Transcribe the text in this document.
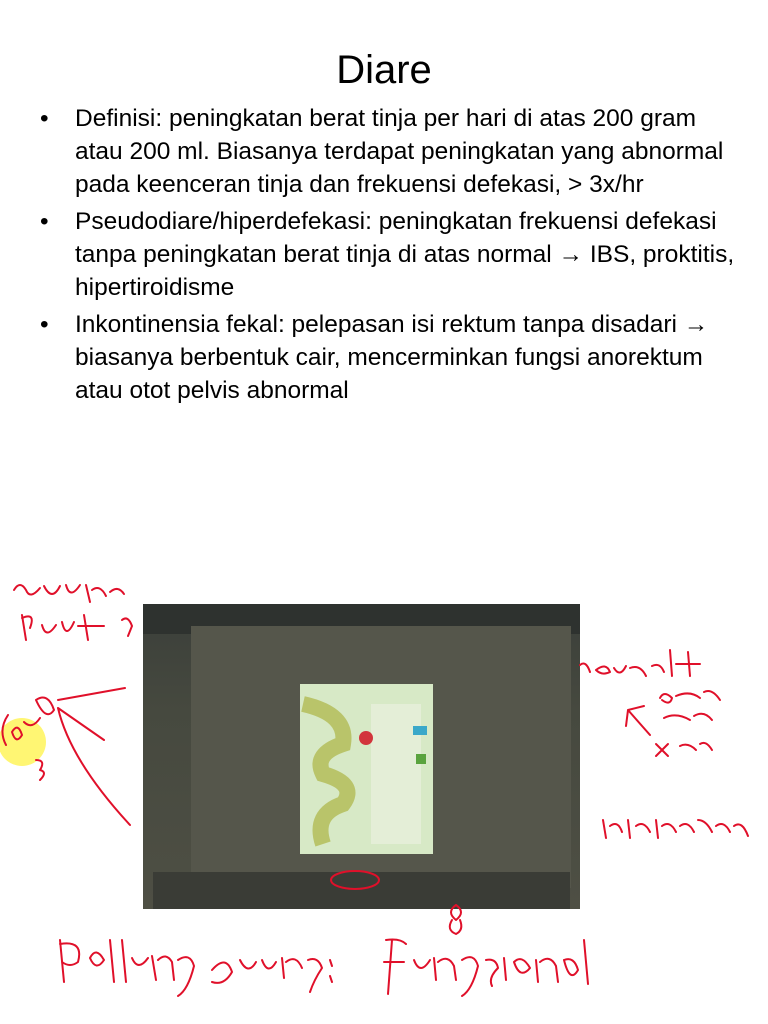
Diare
• Definisi: peningkatan berat tinja per hari di atas 200 gram atau 200 ml. Biasanya terdapat peningkatan yang abnormal pada keenceran tinja dan frekuensi defekasi, > 3x/hr
• Pseudodiare/hiperdefekasi: peningkatan frekuensi defekasi tanpa peningkatan berat tinja di atas normal → IBS, proktitis, hipertiroidisme
• Inkontinensia fekal: pelepasan isi rektum tanpa disadari → biasanya berbentuk cair, mencerminkan fungsi anorektum atau otot pelvis abnormal
